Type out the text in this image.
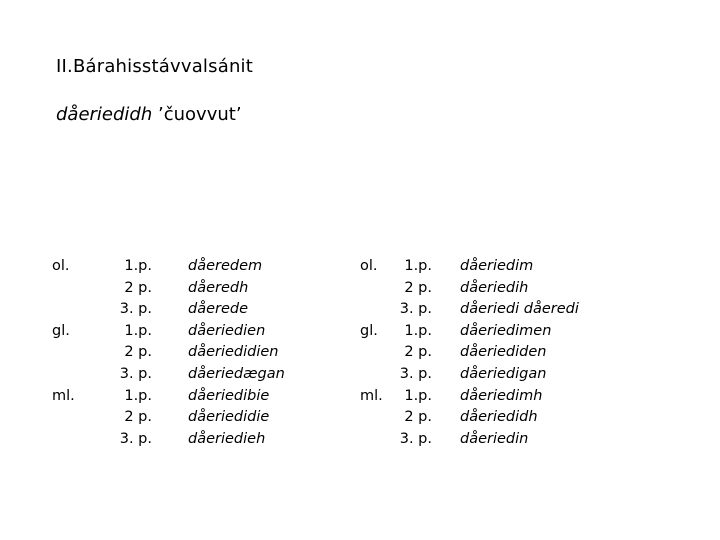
II.Bárahisstávvalsánit
dåeriedidh ’čuovvut’
ol.
gl.
ml.
1.p.
2 p.
3. p.
1.p.
2 p.
3. p.
1.p.
2 p.
3. p.
dåeredem
dåeredh
dåerede
dåeriedien
dåeriedidien
dåeriedægan
dåeriedibie
dåeriedidie
dåeriedieh
ol.
gl.
ml.
1.p.
2 p.
3. p.
1.p.
2 p.
3. p.
1.p.
2 p.
3. p.
dåeriedim
dåeriedih
dåeriedi dåeredi
dåeriedimen
dåeriediden
dåeriedigan
dåeriedimh
dåeriedidh
dåeriedin
